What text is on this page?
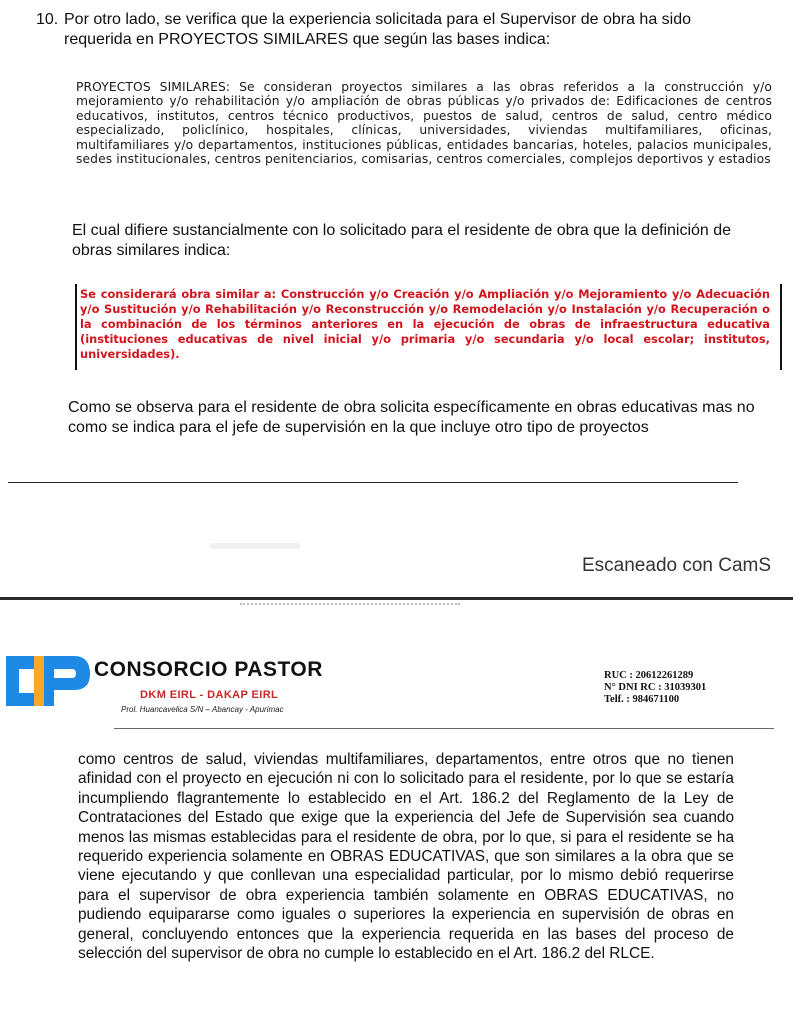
10. Por otro lado, se verifica que la experiencia solicitada para el Supervisor de obra ha sido requerida en PROYECTOS SIMILARES que según las bases indica:
PROYECTOS SIMILARES: Se consideran proyectos similares a las obras referidos a la construcción y/o mejoramiento y/o rehabilitación y/o ampliación de obras públicas y/o privados de: Edificaciones de centros educativos, institutos, centros técnico productivos, puestos de salud, centros de salud, centro médico especializado, policlínico, hospitales, clínicas, universidades, viviendas multifamiliares, oficinas, multifamiliares y/o departamentos, instituciones públicas, entidades bancarias, hoteles, palacios municipales, sedes institucionales, centros penitenciarios, comisarias, centros comerciales, complejos deportivos y estadios
El cual difiere sustancialmente con lo solicitado para el residente de obra que la definición de obras similares indica:
Se considerará obra similar a: Construcción y/o Creación y/o Ampliación y/o Mejoramiento y/o Adecuación y/o Sustitución y/o Rehabilitación y/o Reconstrucción y/o Remodelación y/o Instalación y/o Recuperación o la combinación de los términos anteriores en la ejecución de obras de infraestructura educativa (instituciones educativas de nivel inicial y/o primaria y/o secundaria y/o local escolar; institutos, universidades).
Como se observa para el residente de obra solicita específicamente en obras educativas mas no como se indica para el jefe de supervisión en la que incluye otro tipo de proyectos
Escaneado con CamS
CONSORCIO PASTOR
DKM EIRL - DAKAP EIRL
Prol. Huancavelica S/N – Abancay - Apurimac
RUC : 20612261289
N° DNI RC : 31039301
Telf. : 984671100
como centros de salud, viviendas multifamiliares, departamentos, entre otros que no tienen afinidad con el proyecto en ejecución ni con lo solicitado para el residente, por lo que se estaría incumpliendo flagrantemente lo establecido en el Art. 186.2 del Reglamento de la Ley de Contrataciones del Estado que exige que la experiencia del Jefe de Supervisión sea cuando menos las mismas establecidas para el residente de obra, por lo que, si para el residente se ha requerido experiencia solamente en OBRAS EDUCATIVAS, que son similares a la obra que se viene ejecutando y que conllevan una especialidad particular, por lo mismo debió requerirse para el supervisor de obra experiencia también solamente en OBRAS EDUCATIVAS, no pudiendo equipararse como iguales o superiores la experiencia en supervisión de obras en general, concluyendo entonces que la experiencia requerida en las bases del proceso de selección del supervisor de obra no cumple lo establecido en el Art. 186.2 del RLCE.
